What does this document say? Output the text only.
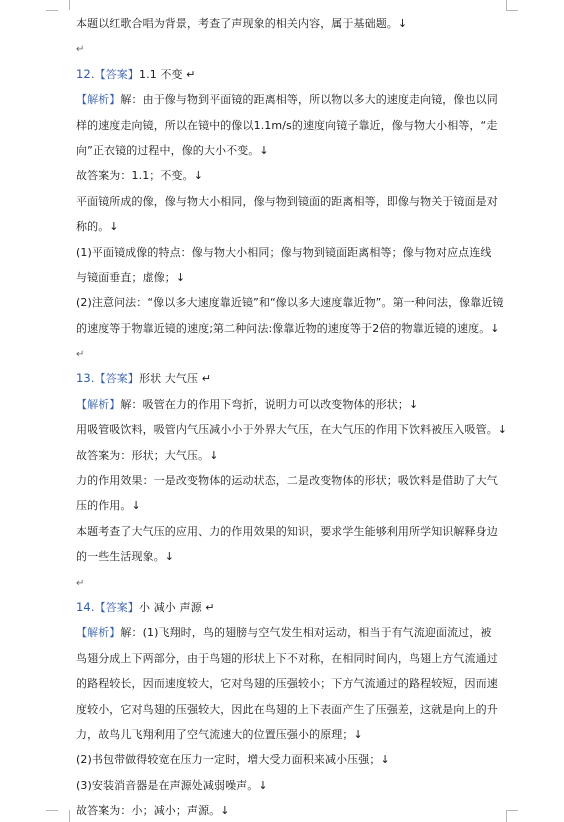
本题以红歌合唱为背景，考查了声现象的相关内容，属于基础题。↓
↵
12.【答案】1.1 不变 ↵
【解析】解：由于像与物到平面镜的距离相等，所以物以多大的速度走向镜，像也以同
样的速度走向镜，所以在镜中的像以1.1m/s的速度向镜子靠近，像与物大小相等，“走
向”正衣镜的过程中，像的大小不变。↓
故答案为：1.1；不变。↓
平面镜所成的像，像与物大小相同，像与物到镜面的距离相等，即像与物关于镜面是对
称的。↓
(1)平面镜成像的特点：像与物大小相同；像与物到镜面距离相等；像与物对应点连线
与镜面垂直；虚像；↓
(2)注意问法：“像以多大速度靠近镜”和“像以多大速度靠近物”。第一种问法，像靠近镜
的速度等于物靠近镜的速度;第二种问法:像靠近物的速度等于2倍的物靠近镜的速度。↓
↵
13.【答案】形状 大气压 ↵
【解析】解：吸管在力的作用下弯折，说明力可以改变物体的形状；↓
用吸管吸饮料，吸管内气压减小小于外界大气压，在大气压的作用下饮料被压入吸管。↓
故答案为：形状；大气压。↓
力的作用效果：一是改变物体的运动状态，二是改变物体的形状；吸饮料是借助了大气
压的作用。↓
本题考查了大气压的应用、力的作用效果的知识，要求学生能够利用所学知识解释身边
的一些生活现象。↓
↵
14.【答案】小 减小 声源 ↵
【解析】解：(1)飞翔时，鸟的翅膀与空气发生相对运动，相当于有气流迎面流过，被
鸟翅分成上下两部分，由于鸟翅的形状上下不对称，在相同时间内，鸟翅上方气流通过
的路程较长，因而速度较大，它对鸟翅的压强较小；下方气流通过的路程较短，因而速
度较小，它对鸟翅的压强较大，因此在鸟翅的上下表面产生了压强差，这就是向上的升
力，故鸟儿飞翔利用了空气流速大的位置压强小的原理；↓
(2)书包带做得较宽在压力一定时，增大受力面积来减小压强；↓
(3)安装消音器是在声源处减弱噪声。↓
故答案为：小；减小；声源。↓
